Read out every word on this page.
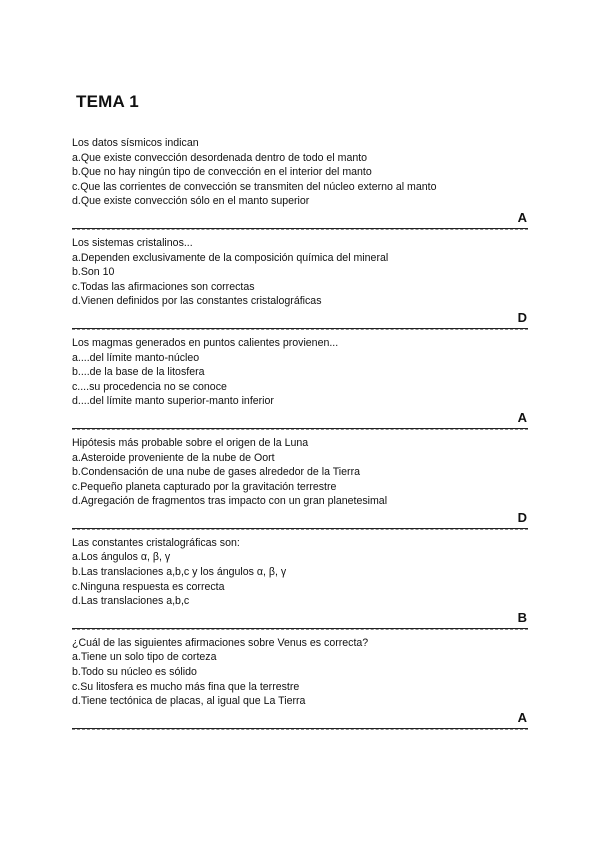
TEMA 1
Los datos sísmicos indican
a.Que existe convección desordenada dentro de todo el manto
b.Que no hay ningún tipo de convección en el interior del manto
c.Que las corrientes de convección se transmiten del núcleo externo al manto
d.Que existe convección sólo en el manto superior
A
Los sistemas cristalinos...
a.Dependen exclusivamente de la composición química del mineral
b.Son 10
c.Todas las afirmaciones son correctas
d.Vienen definidos por las constantes cristalográficas
D
Los magmas generados en puntos calientes provienen...
a....del límite manto-núcleo
b....de la base de la litosfera
c....su procedencia no se conoce
d....del límite manto superior-manto inferior
A
Hipótesis más probable sobre el origen de la Luna
a.Asteroide proveniente de la nube de Oort
b.Condensación de una nube de gases alrededor de la Tierra
c.Pequeño planeta capturado por la gravitación terrestre
d.Agregación de fragmentos tras impacto con un gran planetesimal
D
Las constantes cristalográficas son:
a.Los ángulos α, β, γ
b.Las translaciones a,b,c y los ángulos α, β, γ
c.Ninguna respuesta es correcta
d.Las translaciones a,b,c
B
¿Cuál de las siguientes afirmaciones sobre Venus es correcta?
a.Tiene un solo tipo de corteza
b.Todo su núcleo es sólido
c.Su litosfera es mucho más fina que la terrestre
d.Tiene tectónica de placas, al igual que La Tierra
A
